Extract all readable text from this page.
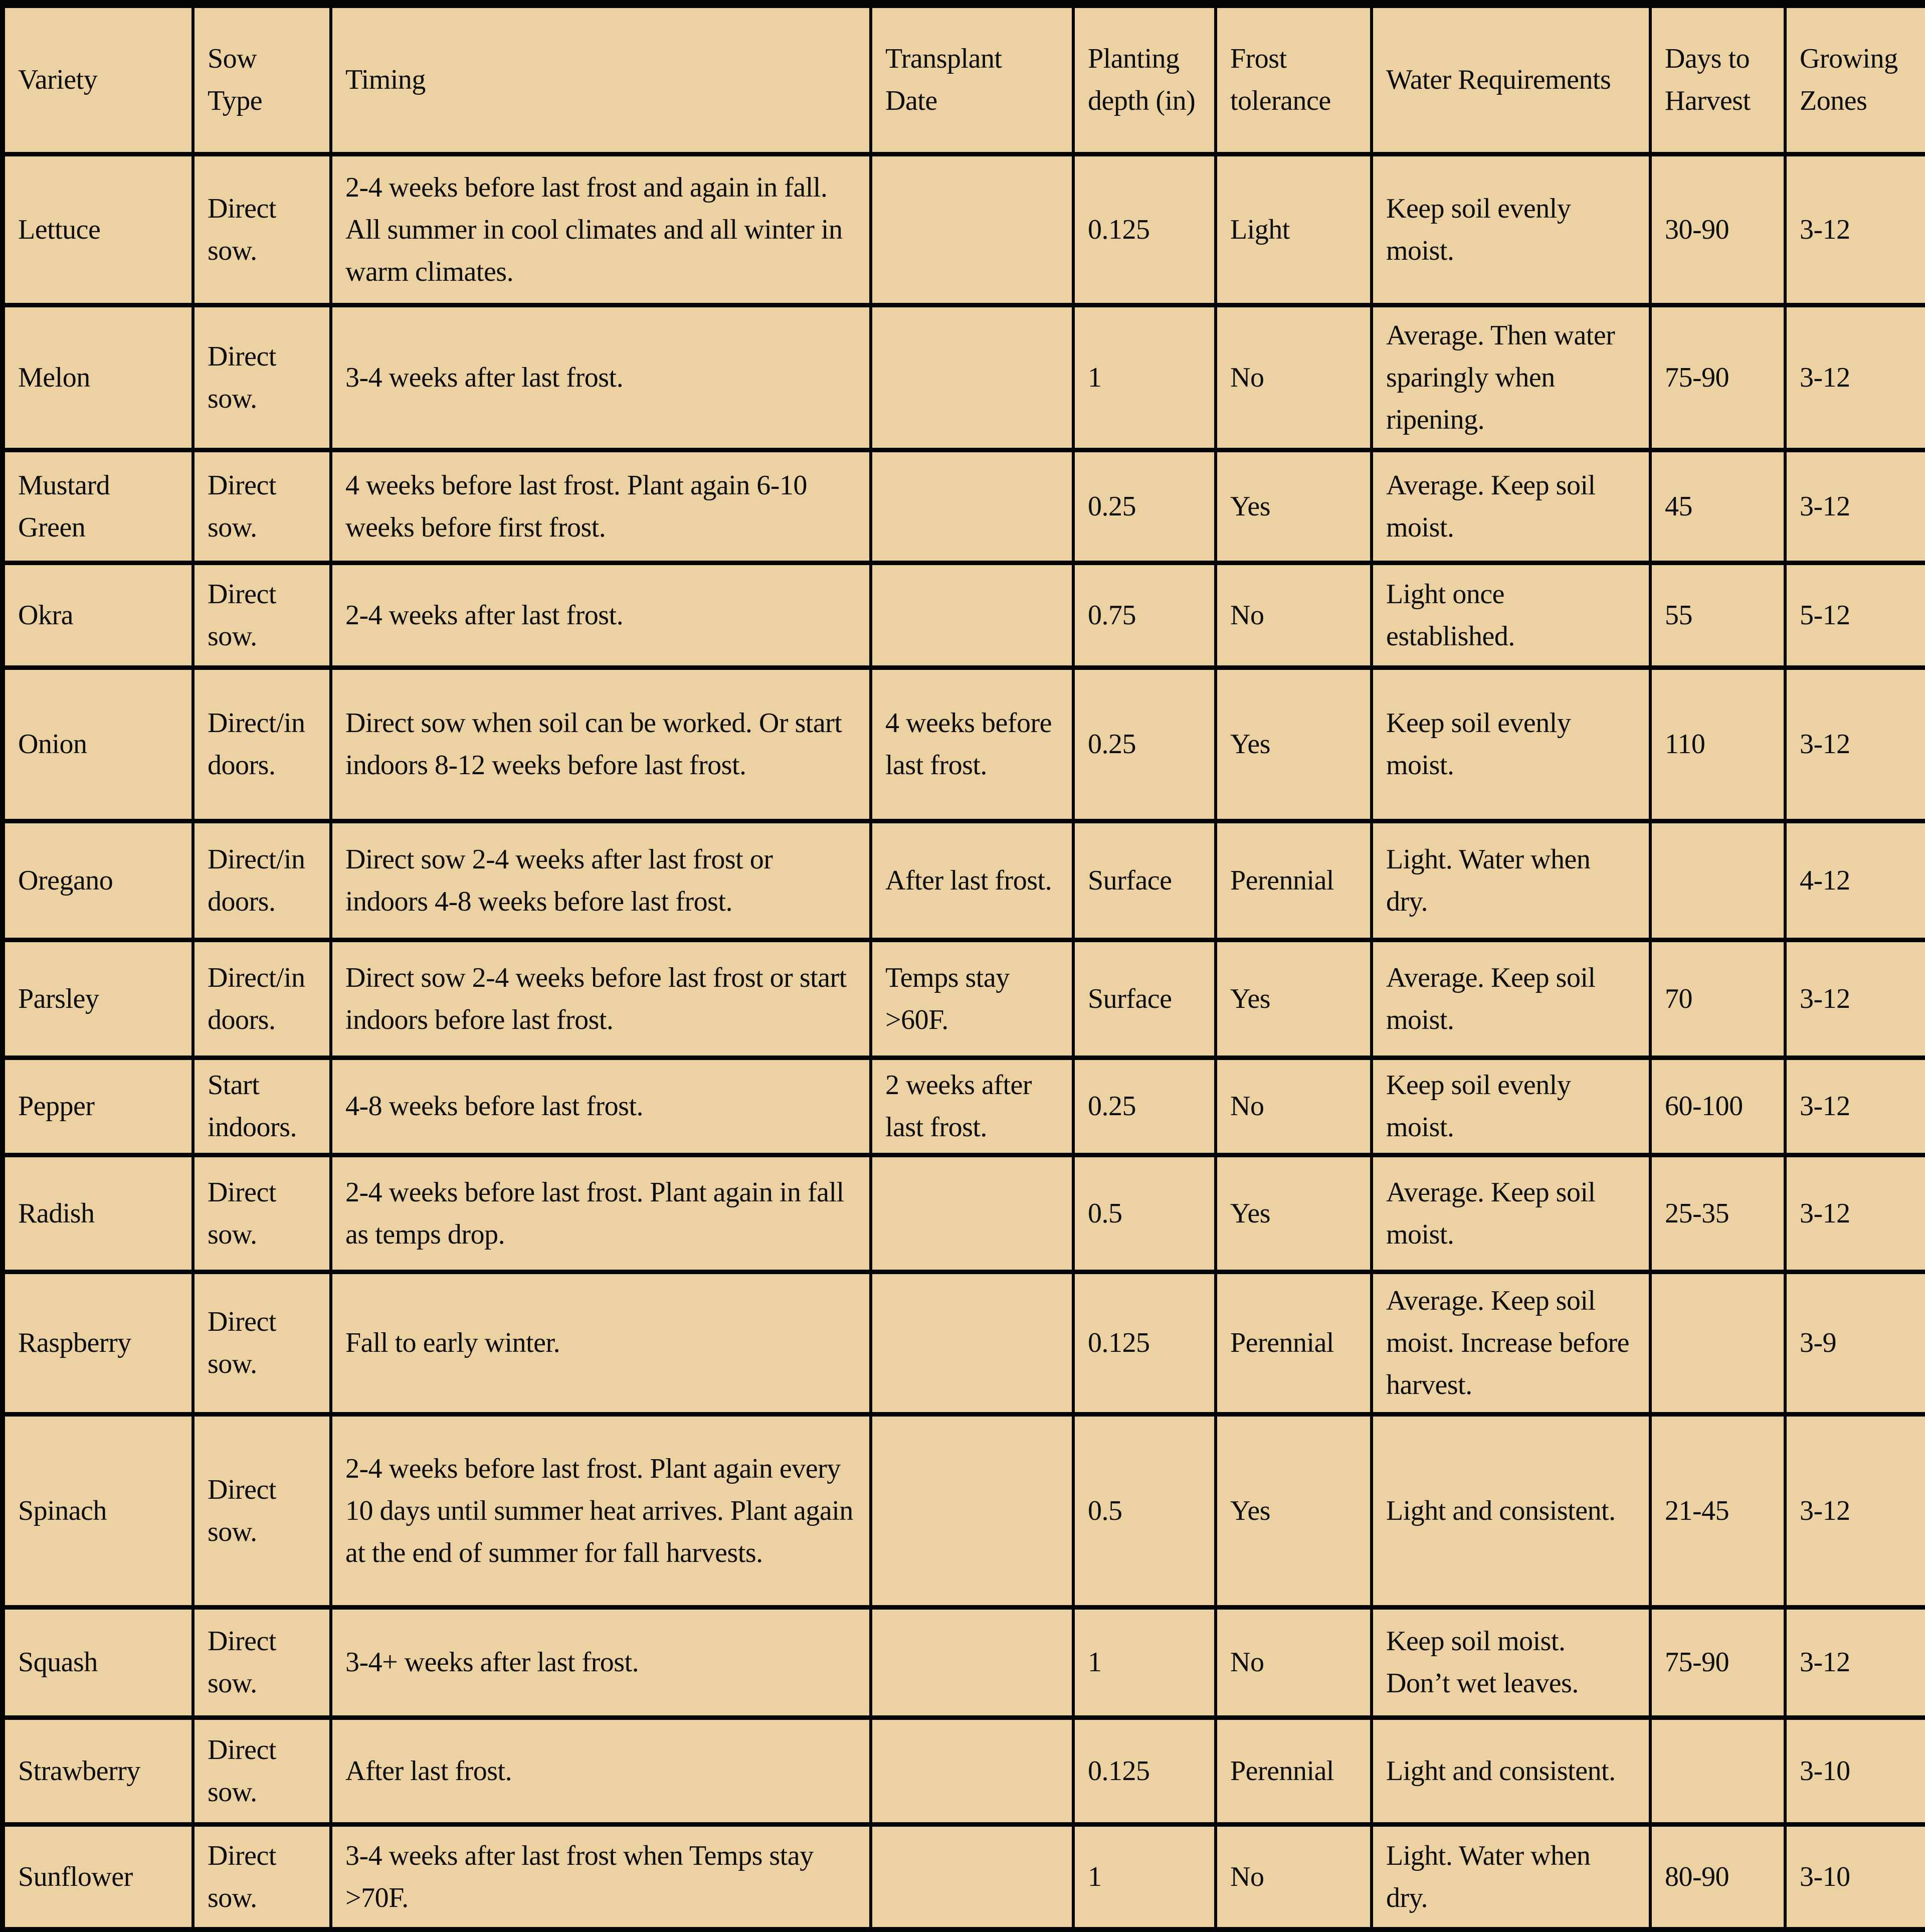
Variety	Sow Type	Timing	Transplant Date	Planting depth (in)	Frost tolerance	Water Requirements	Days to Harvest	Growing Zones
Lettuce	Direct sow.	2-4 weeks before last frost and again in fall. All summer in cool climates and all winter in warm climates.		0.125	Light	Keep soil evenly moist.	30-90	3-12
Melon	Direct sow.	3-4 weeks after last frost.		1	No	Average. Then water sparingly when ripening.	75-90	3-12
Mustard Green	Direct sow.	4 weeks before last frost. Plant again 6-10 weeks before first frost.		0.25	Yes	Average. Keep soil moist.	45	3-12
Okra	Direct sow.	2-4 weeks after last frost.		0.75	No	Light once established.	55	5-12
Onion	Direct/indoors.	Direct sow when soil can be worked. Or start indoors 8-12 weeks before last frost.	4 weeks before last frost.	0.25	Yes	Keep soil evenly moist.	110	3-12
Oregano	Direct/indoors.	Direct sow 2-4 weeks after last frost or indoors 4-8 weeks before last frost.	After last frost.	Surface	Perennial	Light. Water when dry.		4-12
Parsley	Direct/indoors.	Direct sow 2-4 weeks before last frost or start indoors before last frost.	Temps stay >60F.	Surface	Yes	Average. Keep soil moist.	70	3-12
Pepper	Start indoors.	4-8 weeks before last frost.	2 weeks after last frost.	0.25	No	Keep soil evenly moist.	60-100	3-12
Radish	Direct sow.	2-4 weeks before last frost. Plant again in fall as temps drop.		0.5	Yes	Average. Keep soil moist.	25-35	3-12
Raspberry	Direct sow.	Fall to early winter.		0.125	Perennial	Average. Keep soil moist. Increase before harvest.		3-9
Spinach	Direct sow.	2-4 weeks before last frost. Plant again every 10 days until summer heat arrives. Plant again at the end of summer for fall harvests.		0.5	Yes	Light and consistent.	21-45	3-12
Squash	Direct sow.	3-4+ weeks after last frost.		1	No	Keep soil moist. Don’t wet leaves.	75-90	3-12
Strawberry	Direct sow.	After last frost.		0.125	Perennial	Light and consistent.		3-10
Sunflower	Direct sow.	3-4 weeks after last frost when Temps stay >70F.		1	No	Light. Water when dry.	80-90	3-10
